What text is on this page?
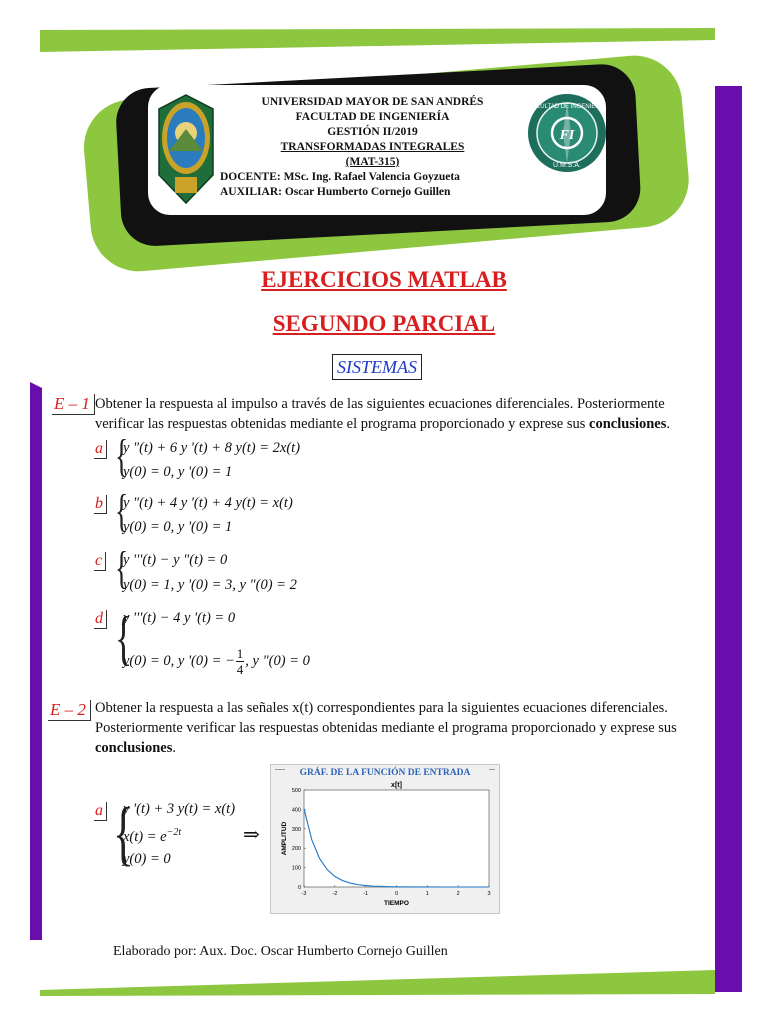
FI
FACULTAD DE INGENIERIA
U.M.S.A.
UNIVERSIDAD MAYOR DE SAN ANDRÉS
FACULTAD DE INGENIERÍA
GESTIÓN II/2019
TRANSFORMADAS INTEGRALES
(MAT-315)
DOCENTE: MSc. Ing. Rafael Valencia Goyzueta
AUXILIAR: Oscar Humberto Cornejo Guillen
EJERCICIOS MATLAB
SEGUNDO PARCIAL
SISTEMAS
E – 1 Obtener la respuesta al impulso a través de las siguientes ecuaciones diferenciales. Posteriormente verificar las respuestas obtenidas mediante el programa proporcionado y exprese sus conclusiones.
a {
y "(t) + 6 y '(t) + 8 y(t) = 2x(t)
y(0) = 0, y '(0) = 1
b {
y "(t) + 4 y '(t) + 4 y(t) = x(t)
y(0) = 0, y '(0) = 1
c {
y '''(t) − y "(t) = 0
y(0) = 1, y '(0) = 3, y "(0) = 2
d {
y '''(t) − 4 y '(t) = 0
y(0) = 0, y '(0) = − $\frac{1}{4}$ , y "(0) = 0
E – 2 Obtener la respuesta a las señales x(t) correspondientes para la siguientes ecuaciones diferenciales. Posteriormente verificar las respuestas obtenidas mediante el programa proporcionado y exprese sus conclusiones.
a {
y '(t) + 3 y(t) = x(t)
$x(t) = e^{-2t}$
y(0) = 0
⇒
GRÁF. DE LA FUNCIÓN DE ENTRADA
x[t]
0
100
200
300
400
500
-3	-2	-1	0	1	2	3
TIEMPO
AMPLITUD
Elaborado por: Aux. Doc. Oscar Humberto Cornejo Guillen
